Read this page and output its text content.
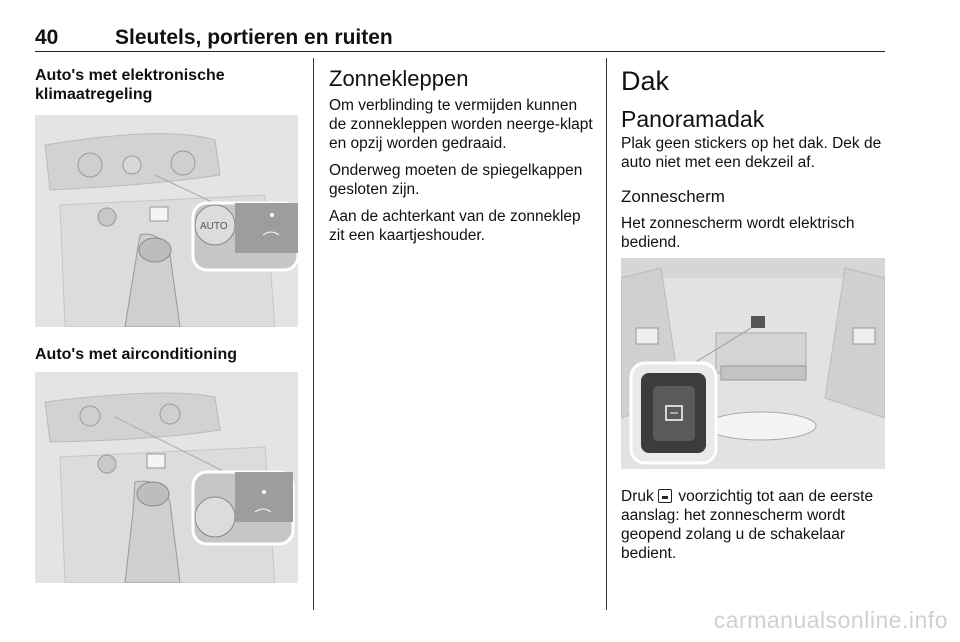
40	Sleutels, portieren en ruiten
Auto's met elektronische klimaatregeling
AUTO
Auto's met airconditioning
Zonnekleppen

Om verblinding te vermijden kunnen de zonnekleppen worden neerge-klapt en opzij worden gedraaid.

Onderweg moeten de spiegelkappen gesloten zijn.

Aan de achterkant van de zonneklep zit een kaartjeshouder.

Dak
Panoramadak

Plak geen stickers op het dak. Dek de auto niet met een dekzeil af.

Zonnescherm

Het zonnescherm wordt elektrisch bediend.

Druk  voorzichtig tot aan de eerste aanslag: het zonnescherm wordt geopend zolang u de schakelaar bedient.

carmanualsonline.info
